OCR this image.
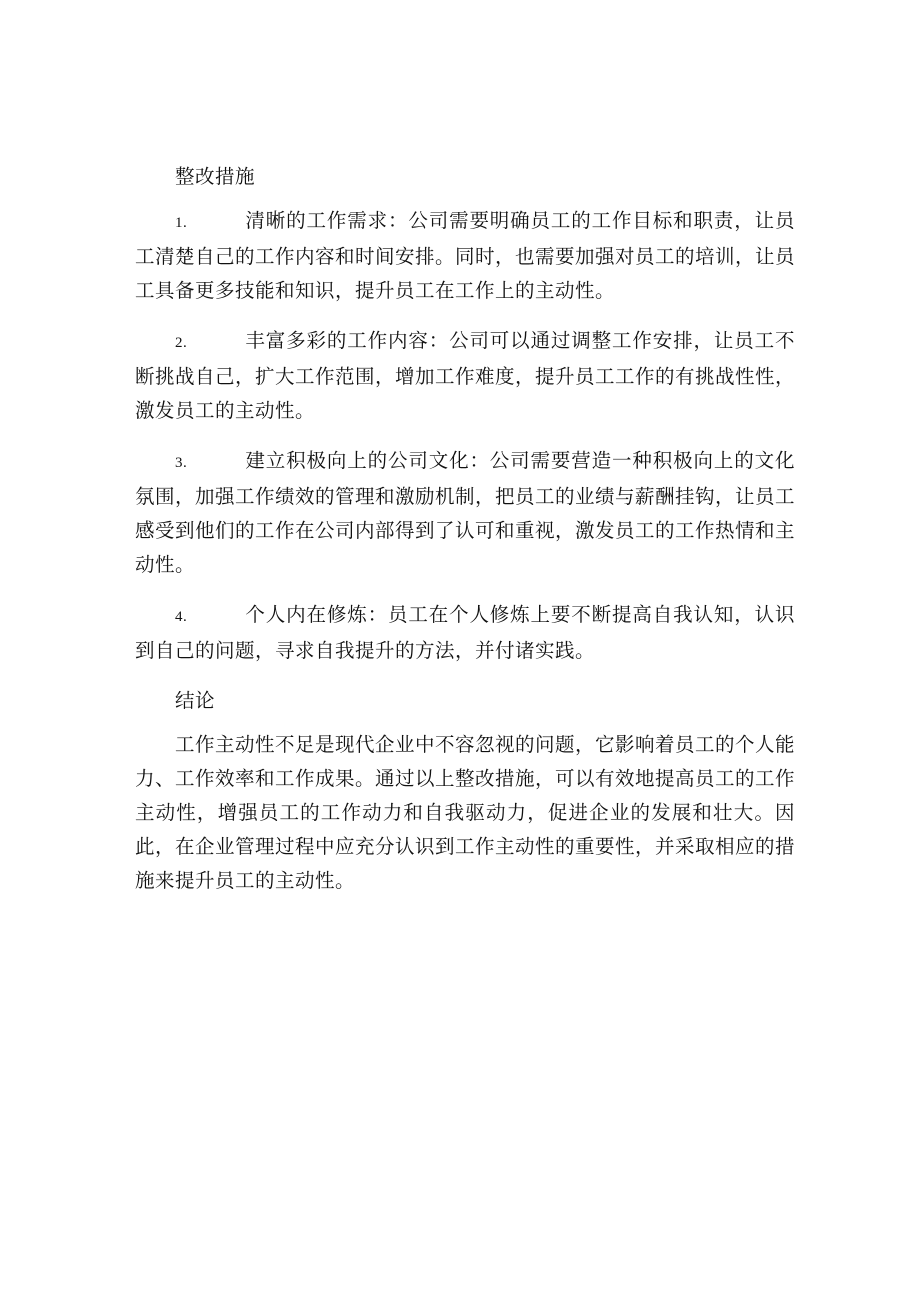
整改措施

1.	清晰的工作需求：公司需要明确员工的工作目标和职责，让员工清楚自己的工作内容和时间安排。同时，也需要加强对员工的培训，让员工具备更多技能和知识，提升员工在工作上的主动性。

2.	丰富多彩的工作内容：公司可以通过调整工作安排，让员工不断挑战自己，扩大工作范围，增加工作难度，提升员工工作的有挑战性性，激发员工的主动性。

3.	建立积极向上的公司文化：公司需要营造一种积极向上的文化氛围，加强工作绩效的管理和激励机制，把员工的业绩与薪酬挂钩，让员工感受到他们的工作在公司内部得到了认可和重视，激发员工的工作热情和主动性。

4.	个人内在修炼：员工在个人修炼上要不断提高自我认知，认识到自己的问题，寻求自我提升的方法，并付诸实践。

结论

工作主动性不足是现代企业中不容忽视的问题，它影响着员工的个人能力、工作效率和工作成果。通过以上整改措施，可以有效地提高员工的工作主动性，增强员工的工作动力和自我驱动力，促进企业的发展和壮大。因此，在企业管理过程中应充分认识到工作主动性的重要性，并采取相应的措施来提升员工的主动性。
